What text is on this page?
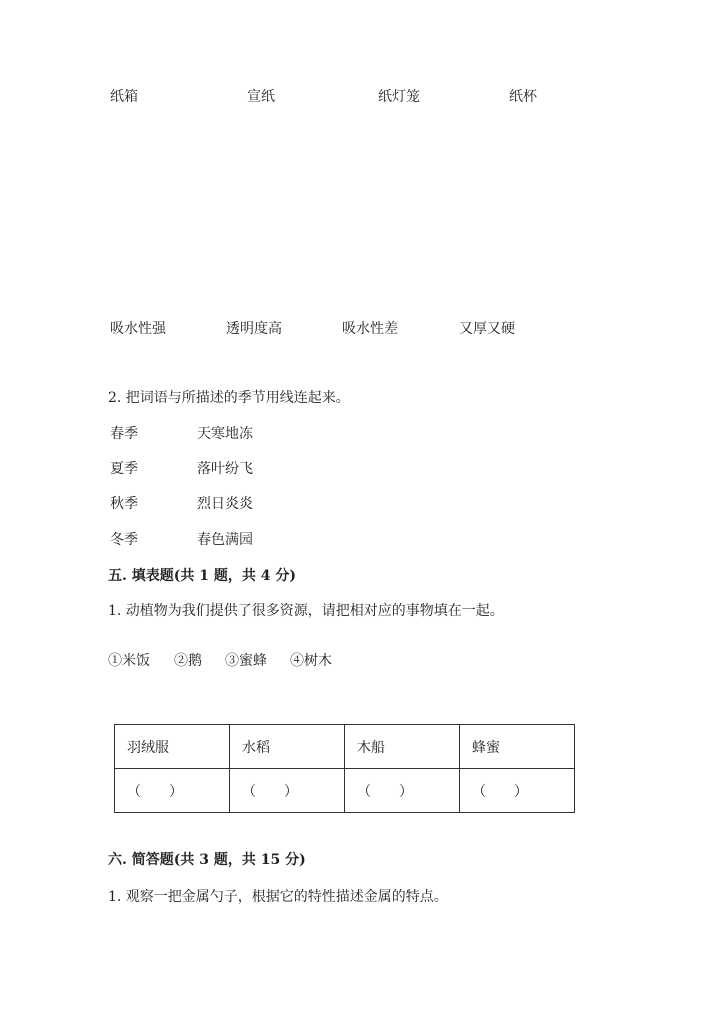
纸箱	宣纸	纸灯笼	纸杯
吸水性强	透明度高	吸水性差	又厚又硬
2. 把词语与所描述的季节用线连起来。
春季
夏季
秋季
冬季
天寒地冻
落叶纷飞
烈日炎炎
春色满园
五. 填表题(共 1 题，共 4 分)
1. 动植物为我们提供了很多资源，请把相对应的事物填在一起。
①米饭 ②鹅 ③蜜蜂 ④树木
羽绒服	水稻	木船	蜂蜜
（　　）	（　　）	（　　）	（　　）
六. 简答题(共 3 题，共 15 分)
1. 观察一把金属勺子，根据它的特性描述金属的特点。
